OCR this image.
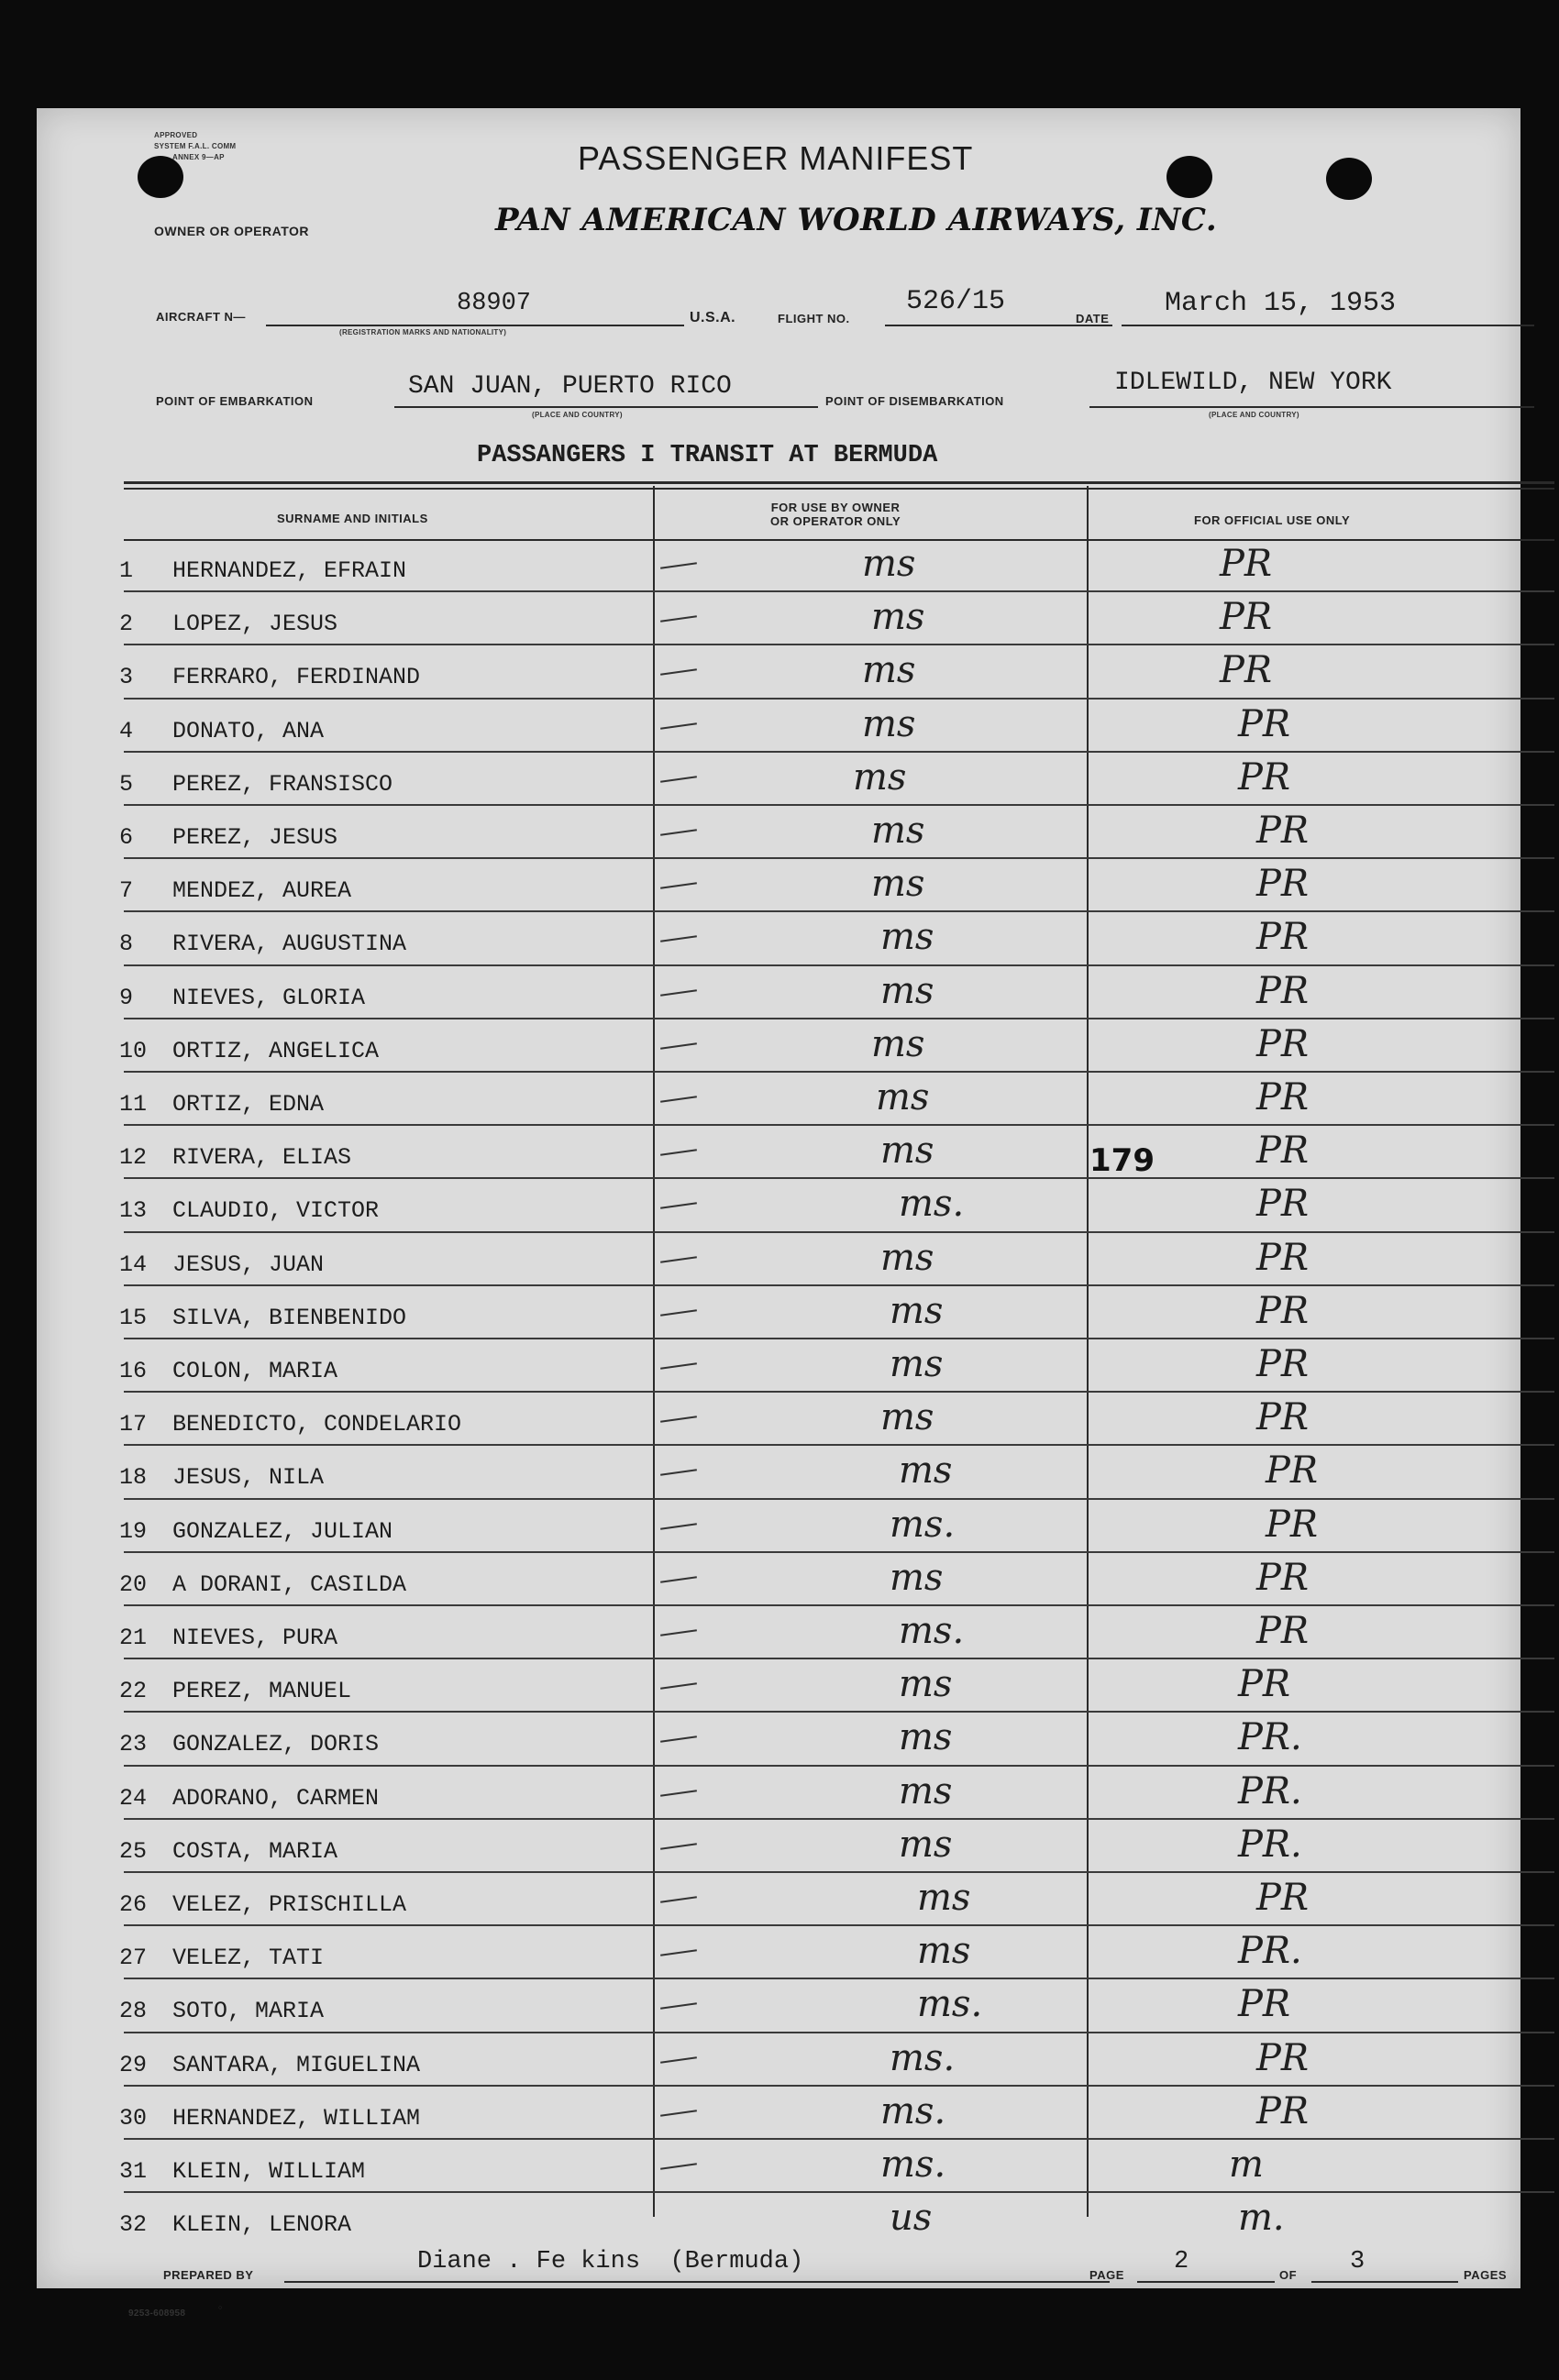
APPROVED
SYSTEM F.A.L. COMM
ANNEX 9—AP
OWNER OR OPERATOR
PASSENGER MANIFEST
PAN AMERICAN WORLD AIRWAYS, INC.
AIRCRAFT N—	88907
(REGISTRATION MARKS AND NATIONALITY)
U.S.A.	FLIGHT NO.
526/15
DATE March 15, 1953
POINT OF EMBARKATION
SAN JUAN, PUERTO RICO
(PLACE AND COUNTRY)
POINT OF DISEMBARKATION
IDLEWILD, NEW YORK
(PLACE AND COUNTRY)
PASSANGERS I TRANSIT AT BERMUDA
SURNAME AND INITIALS
FOR USE BY OWNER
OR OPERATOR ONLY	FOR OFFICIAL USE ONLY
1	HERNANDEZ, EFRAIN	ms	PR
2	LOPEZ, JESUS	ms	PR
3	FERRARO, FERDINAND	ms	PR
4	DONATO, ANA	ms	PR
5	PEREZ, FRANSISCO	ms	PR
6	PEREZ, JESUS	ms	PR
7	MENDEZ, AUREA	ms	PR
8	RIVERA, AUGUSTINA	ms	PR
9	NIEVES, GLORIA	ms	PR
10	ORTIZ, ANGELICA	ms	PR
11	ORTIZ, EDNA	ms	PR
12	RIVERA, ELIAS	ms	PR
13	CLAUDIO, VICTOR	ms.	PR
14	JESUS, JUAN	ms	PR
15	SILVA, BIENBENIDO	ms	PR
16	COLON, MARIA	ms	PR
17	BENEDICTO, CONDELARIO	ms	PR
18	JESUS, NILA	ms	PR
19	GONZALEZ, JULIAN	ms.	PR
20	A DORANI, CASILDA	ms	PR
21	NIEVES, PURA	ms.	PR
22	PEREZ, MANUEL	ms	PR
23	GONZALEZ, DORIS	ms	PR.
24	ADORANO, CARMEN	ms	PR.
25	COSTA, MARIA	ms	PR.
26	VELEZ, PRISCHILLA	ms	PR
27	VELEZ, TATI	ms	PR.
28	SOTO, MARIA	ms.	PR
29	SANTARA, MIGUELINA	ms.	PR
30	HERNANDEZ, WILLIAM	ms.	PR
31	KLEIN, WILLIAM	ms.	m
32	KLEIN, LENORA	us	m.
179
PREPARED BY	Diane . Fe kins  (Bermuda)	PAGE 2	OF 3	PAGES
9253-608958
○
